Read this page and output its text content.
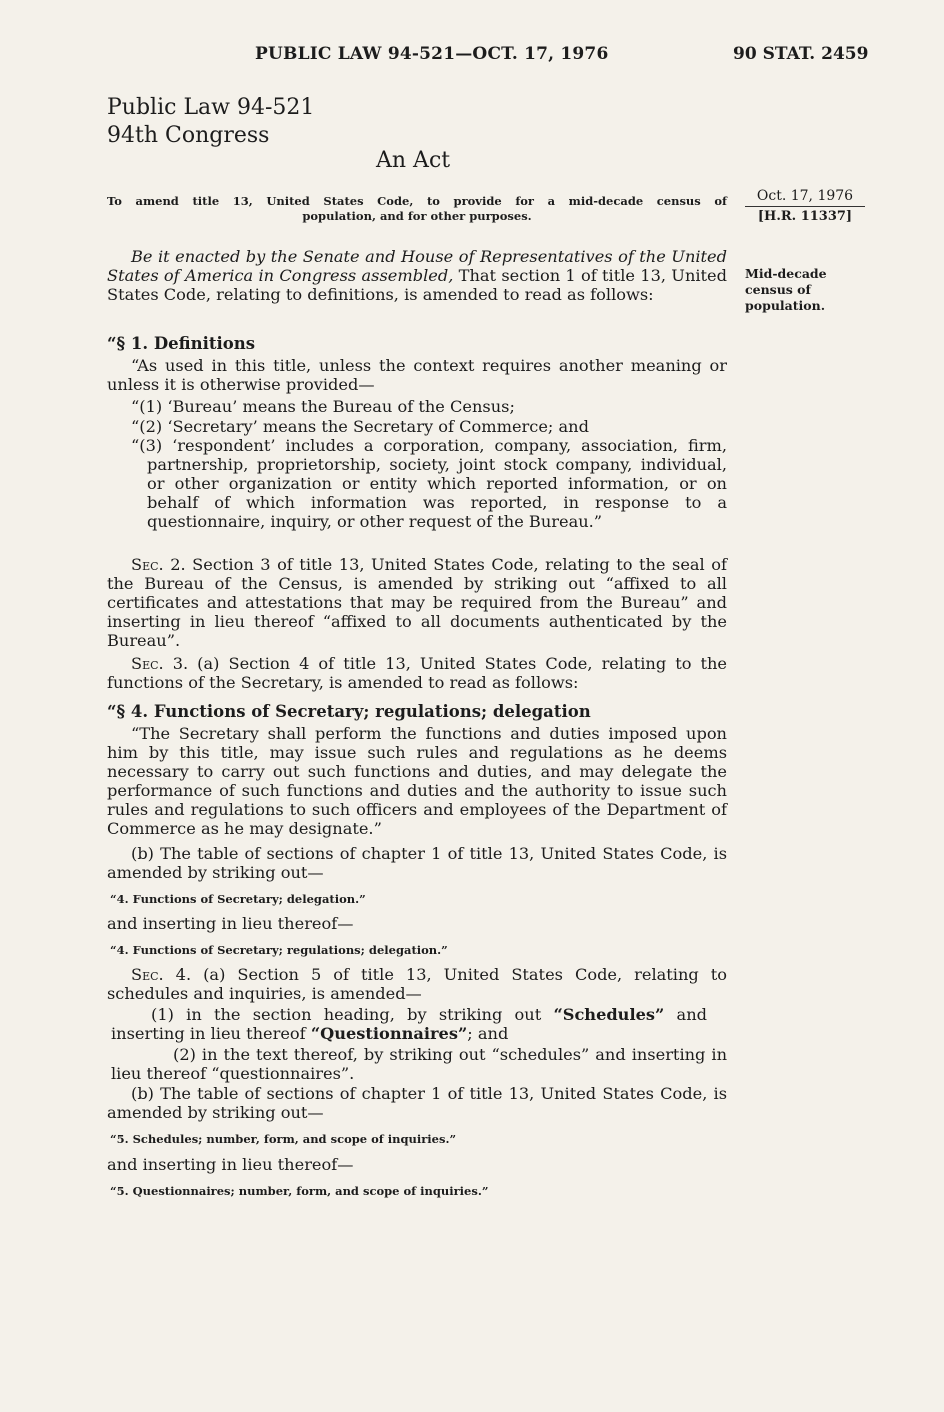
PUBLIC LAW 94-521—OCT. 17, 1976	90 STAT. 2459
Public Law 94-521
94th Congress
An Act
To amend title 13, United States Code, to provide for a mid-decade census of
population, and for other purposes.
Oct. 17, 1976
[H.R. 11337]
Mid-decade
census of
population.
Be it enacted by the Senate and House of Representatives of the United States of America in Congress assembled, That section 1 of title 13, United States Code, relating to definitions, is amended to read as follows:
“§ 1. Definitions
“As used in this title, unless the context requires another meaning or unless it is otherwise provided—
“(1) ‘Bureau’ means the Bureau of the Census;
“(2) ‘Secretary’ means the Secretary of Commerce; and
“(3) ‘respondent’ includes a corporation, company, association, firm, partnership, proprietorship, society, joint stock company, individual, or other organization or entity which reported information, or on behalf of which information was reported, in response to a questionnaire, inquiry, or other request of the Bureau.”
Sec. 2. Section 3 of title 13, United States Code, relating to the seal of the Bureau of the Census, is amended by striking out “affixed to all certificates and attestations that may be required from the Bureau” and inserting in lieu thereof “affixed to all documents authenticated by the Bureau”.
Sec. 3. (a) Section 4 of title 13, United States Code, relating to the functions of the Secretary, is amended to read as follows:
“§ 4. Functions of Secretary; regulations; delegation
“The Secretary shall perform the functions and duties imposed upon him by this title, may issue such rules and regulations as he deems necessary to carry out such functions and duties, and may delegate the performance of such functions and duties and the authority to issue such rules and regulations to such officers and employees of the Department of Commerce as he may designate.”
(b) The table of sections of chapter 1 of title 13, United States Code, is amended by striking out—
“4. Functions of Secretary; delegation.”
and inserting in lieu thereof—
“4. Functions of Secretary; regulations; delegation.”
Sec. 4. (a) Section 5 of title 13, United States Code, relating to schedules and inquiries, is amended—
(1) in the section heading, by striking out “Schedules” and inserting in lieu thereof “Questionnaires”; and
(2) in the text thereof, by striking out “schedules” and inserting in lieu thereof “questionnaires”.
(b) The table of sections of chapter 1 of title 13, United States Code, is amended by striking out—
“5. Schedules; number, form, and scope of inquiries.”
and inserting in lieu thereof—
“5. Questionnaires; number, form, and scope of inquiries.”
